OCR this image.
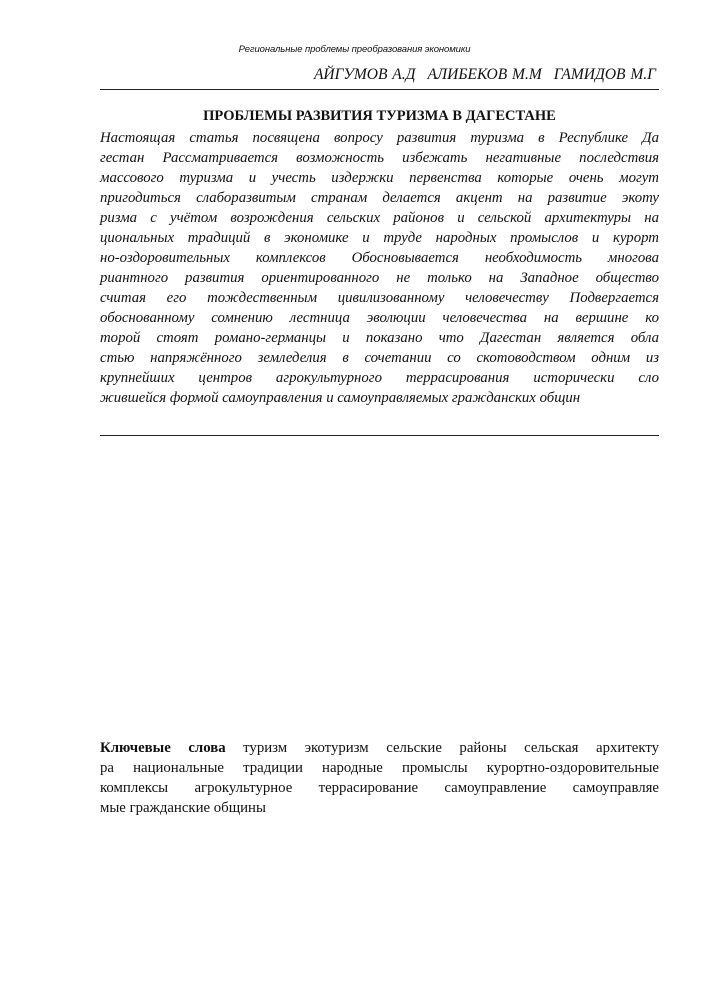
Региональные проблемы преобразования экономики
АЙГУМОВ А.Д АЛИБЕКОВ М.М ГАМИДОВ М.Г
ПРОБЛЕМЫ РАЗВИТИЯ ТУРИЗМА В ДАГЕСТАНЕ
Настоящая статья посвящена вопросу развития туризма в Республике Да
гестан Рассматривается возможность избежать негативные последствия
массового туризма и учесть издержки первенства которые очень могут
пригодиться слаборазвитым странам делается акцент на развитие экоту
ризма с учётом возрождения сельских районов и сельской архитектуры на
циональных традиций в экономике и труде народных промыслов и курорт
но-оздоровительных комплексов Обосновывается необходимость многова
риантного развития ориентированного не только на Западное общество
считая его тождественным цивилизованному человечеству Подвергается
обоснованному сомнению лестница эволюции человечества на вершине ко
торой стоят романо-германцы и показано что Дагестан является обла
стью напряжённого земледелия в сочетании со скотоводством одним из
крупнейших центров агрокультурного террасирования исторически сло
жившейся формой самоуправления и самоуправляемых гражданских общин
Ключевые слова туризм экотуризм сельские районы сельская архитекту
ра национальные традиции народные промыслы курортно-оздоровительные
комплексы агрокультурное террасирование самоуправление самоуправляе
мые гражданские общины
